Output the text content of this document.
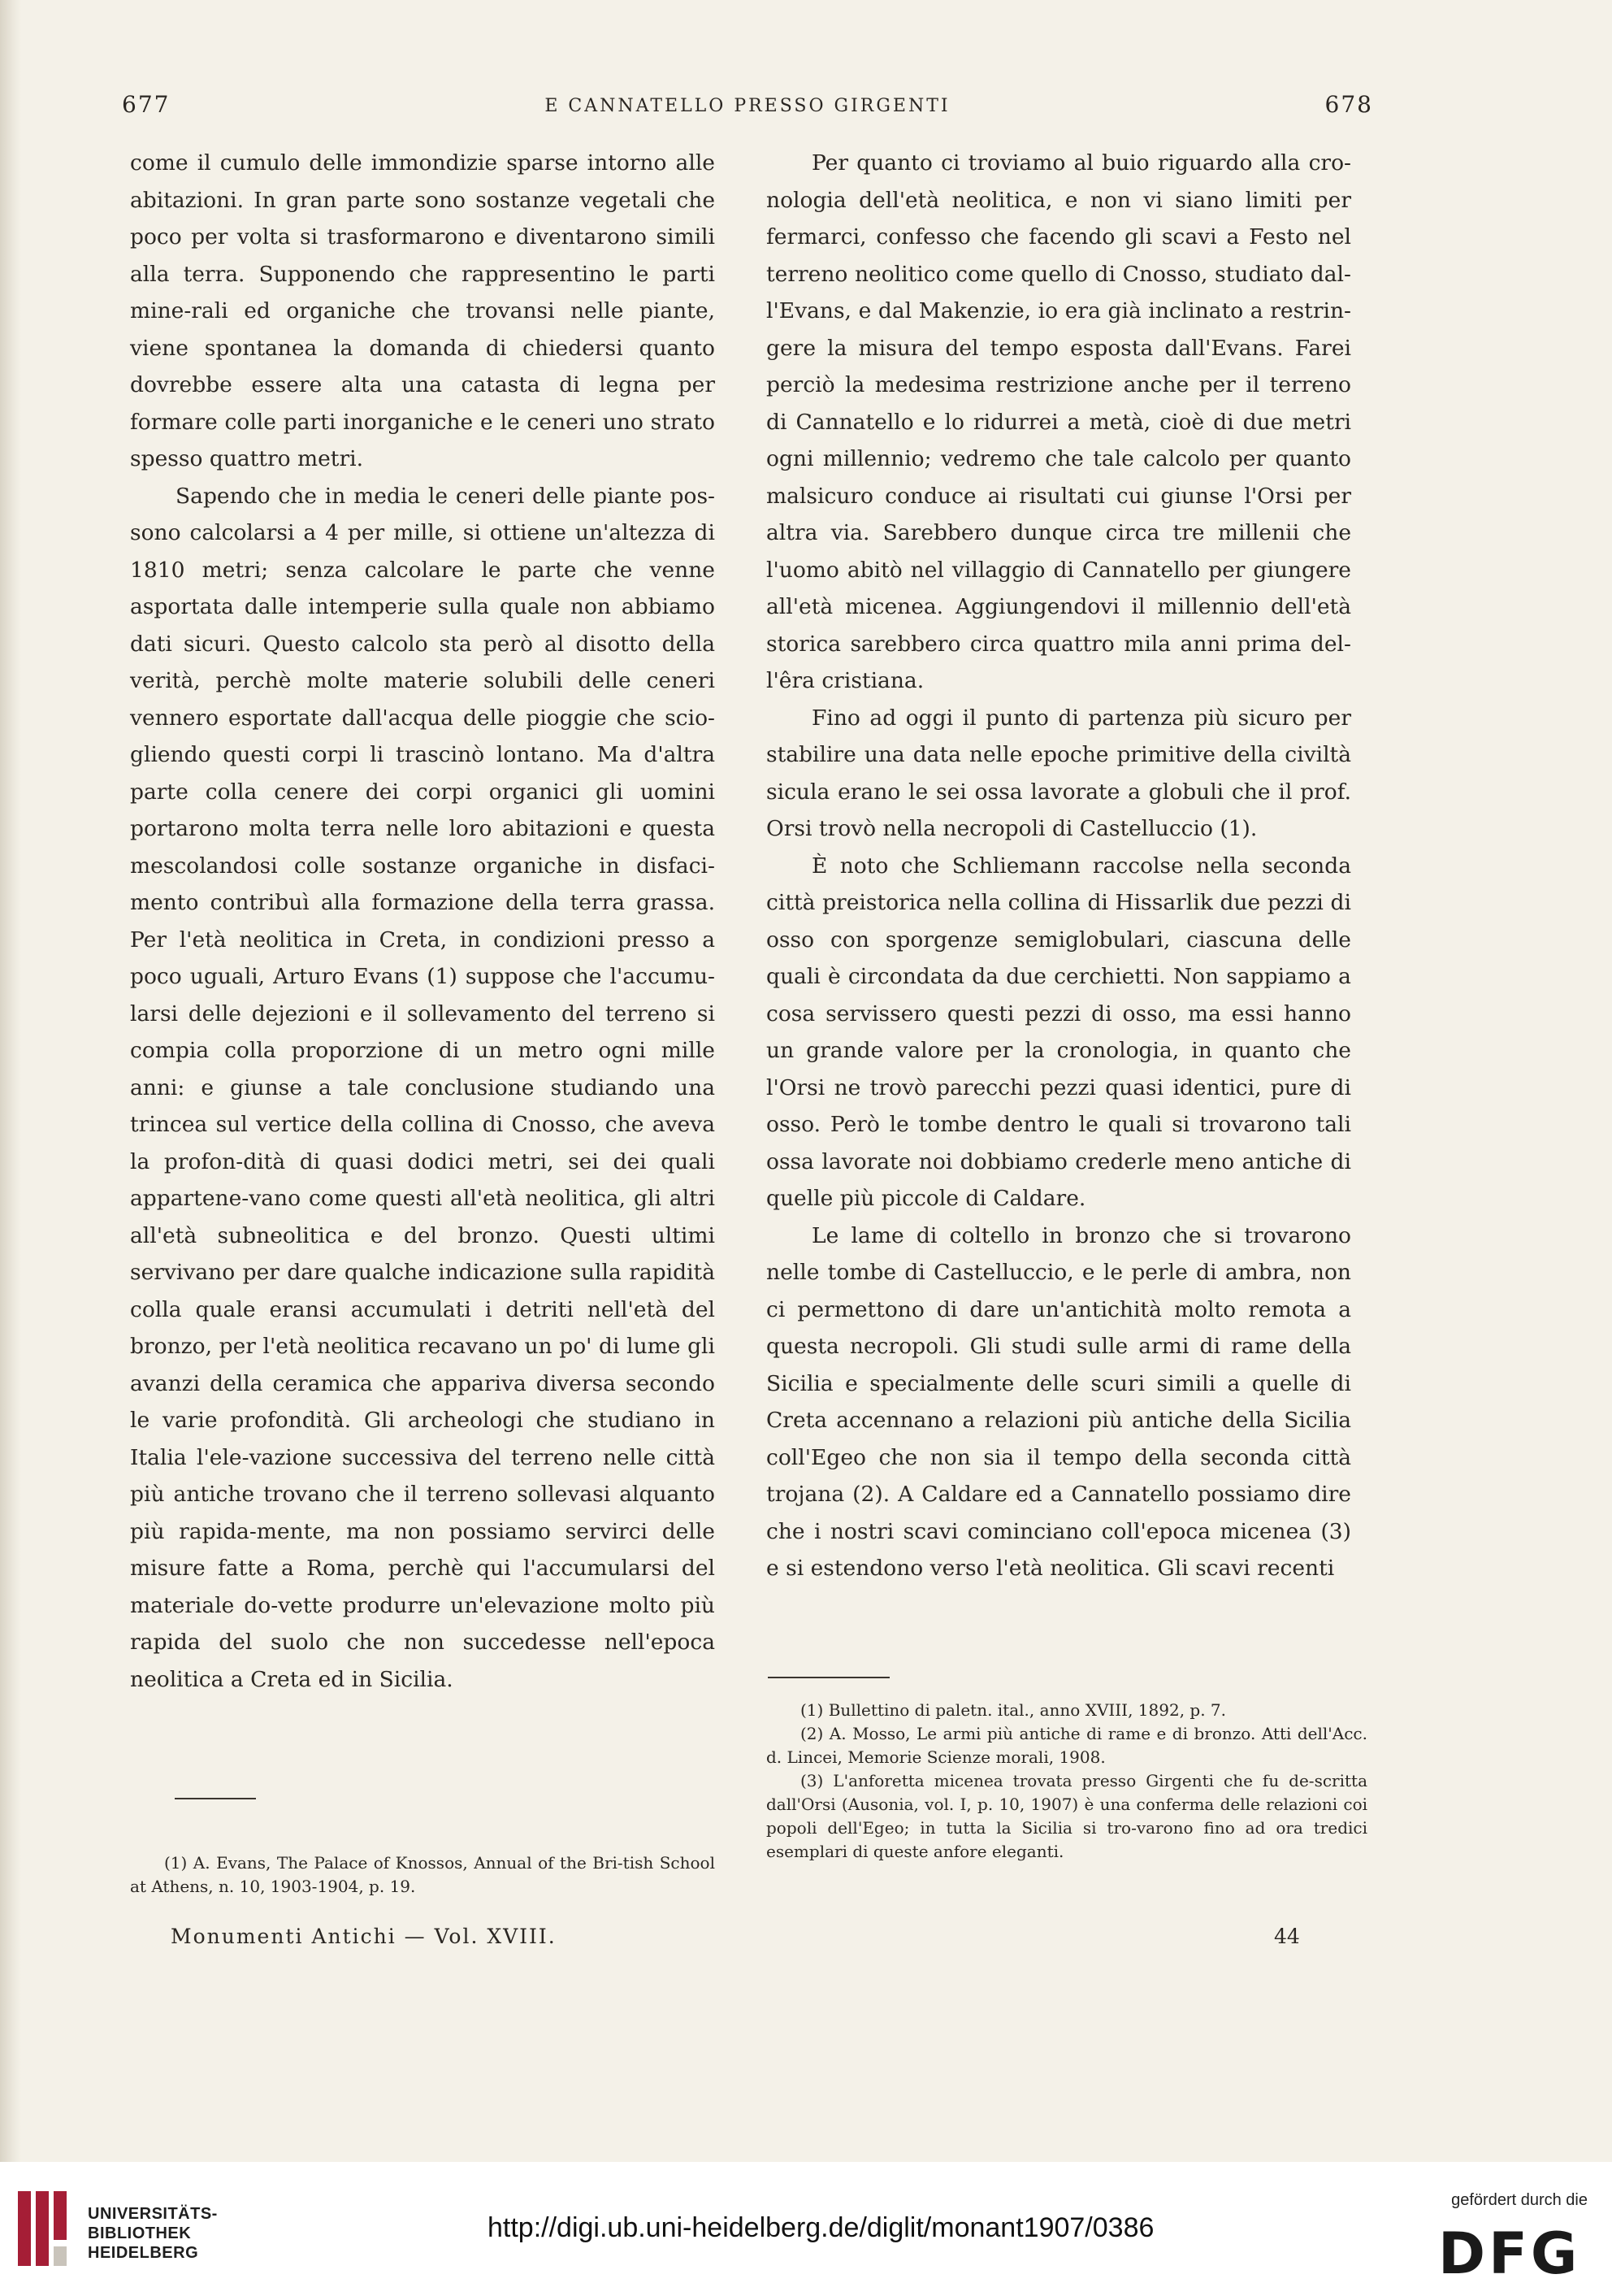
677	E CANNATELLO PRESSO GIRGENTI	678

come il cumulo delle immondizie sparse intorno alle abitazioni. In gran parte sono sostanze vegetali che poco per volta si trasformarono e diventarono simili alla terra. Supponendo che rappresentino le parti mine-rali ed organiche che trovansi nelle piante, viene spontanea la domanda di chiedersi quanto dovrebbe essere alta una catasta di legna per formare colle parti inorganiche e le ceneri uno strato spesso quattro metri.

Sapendo che in media le ceneri delle piante pos-sono calcolarsi a 4 per mille, si ottiene un'altezza di 1810 metri; senza calcolare le parte che venne asportata dalle intemperie sulla quale non abbiamo dati sicuri. Questo calcolo sta però al disotto della verità, perchè molte materie solubili delle ceneri vennero esportate dall'acqua delle pioggie che scio-gliendo questi corpi li trascinò lontano. Ma d'altra parte colla cenere dei corpi organici gli uomini portarono molta terra nelle loro abitazioni e questa mescolandosi colle sostanze organiche in disfaci-mento contribuì alla formazione della terra grassa. Per l'età neolitica in Creta, in condizioni presso a poco uguali, Arturo Evans (1) suppose che l'accumu-larsi delle dejezioni e il sollevamento del terreno si compia colla proporzione di un metro ogni mille anni: e giunse a tale conclusione studiando una trincea sul vertice della collina di Cnosso, che aveva la profon-dità di quasi dodici metri, sei dei quali appartene-vano come questi all'età neolitica, gli altri all'età subneolitica e del bronzo. Questi ultimi servivano per dare qualche indicazione sulla rapidità colla quale eransi accumulati i detriti nell'età del bronzo, per l'età neolitica recavano un po' di lume gli avanzi della ceramica che appariva diversa secondo le varie profondità. Gli archeologi che studiano in Italia l'ele-vazione successiva del terreno nelle città più antiche trovano che il terreno sollevasi alquanto più rapida-mente, ma non possiamo servirci delle misure fatte a Roma, perchè qui l'accumularsi del materiale do-vette produrre un'elevazione molto più rapida del suolo che non succedesse nell'epoca neolitica a Creta ed in Sicilia.

Per quanto ci troviamo al buio riguardo alla cro-nologia dell'età neolitica, e non vi siano limiti per fermarci, confesso che facendo gli scavi a Festo nel terreno neolitico come quello di Cnosso, studiato dal-l'Evans, e dal Makenzie, io era già inclinato a restrin-gere la misura del tempo esposta dall'Evans. Farei perciò la medesima restrizione anche per il terreno di Cannatello e lo ridurrei a metà, cioè di due metri ogni millennio; vedremo che tale calcolo per quanto malsicuro conduce ai risultati cui giunse l'Orsi per altra via. Sarebbero dunque circa tre millenii che l'uomo abitò nel villaggio di Cannatello per giungere all'età micenea. Aggiungendovi il millennio dell'età storica sarebbero circa quattro mila anni prima del-l'êra cristiana.

Fino ad oggi il punto di partenza più sicuro per stabilire una data nelle epoche primitive della civiltà sicula erano le sei ossa lavorate a globuli che il prof. Orsi trovò nella necropoli di Castelluccio (1).

È noto che Schliemann raccolse nella seconda città preistorica nella collina di Hissarlik due pezzi di osso con sporgenze semiglobulari, ciascuna delle quali è circondata da due cerchietti. Non sappiamo a cosa servissero questi pezzi di osso, ma essi hanno un grande valore per la cronologia, in quanto che l'Orsi ne trovò parecchi pezzi quasi identici, pure di osso. Però le tombe dentro le quali si trovarono tali ossa lavorate noi dobbiamo crederle meno antiche di quelle più piccole di Caldare.

Le lame di coltello in bronzo che si trovarono nelle tombe di Castelluccio, e le perle di ambra, non ci permettono di dare un'antichità molto remota a questa necropoli. Gli studi sulle armi di rame della Sicilia e specialmente delle scuri simili a quelle di Creta accennano a relazioni più antiche della Sicilia coll'Egeo che non sia il tempo della seconda città trojana (2). A Caldare ed a Cannatello possiamo dire che i nostri scavi cominciano coll'epoca micenea (3) e si estendono verso l'età neolitica. Gli scavi recenti

(1) A. Evans, The Palace of Knossos, Annual of the Bri-tish School at Athens, n. 10, 1903-1904, p. 19.

(1) Bullettino di paletn. ital., anno XVIII, 1892, p. 7.

(2) A. Mosso, Le armi più antiche di rame e di bronzo. Atti dell'Acc. d. Lincei, Memorie Scienze morali, 1908.

(3) L'anforetta micenea trovata presso Girgenti che fu de-scritta dall'Orsi (Ausonia, vol. I, p. 10, 1907) è una conferma delle relazioni coi popoli dell'Egeo; in tutta la Sicilia si tro-varono fino ad ora tredici esemplari di queste anfore eleganti.

Monumenti Antichi — Vol. XVIII.	44
UNIVERSITÄTS-
BIBLIOTHEK
HEIDELBERG
http://digi.ub.uni-heidelberg.de/diglit/monant1907/0386
gefördert durch die
DFG
